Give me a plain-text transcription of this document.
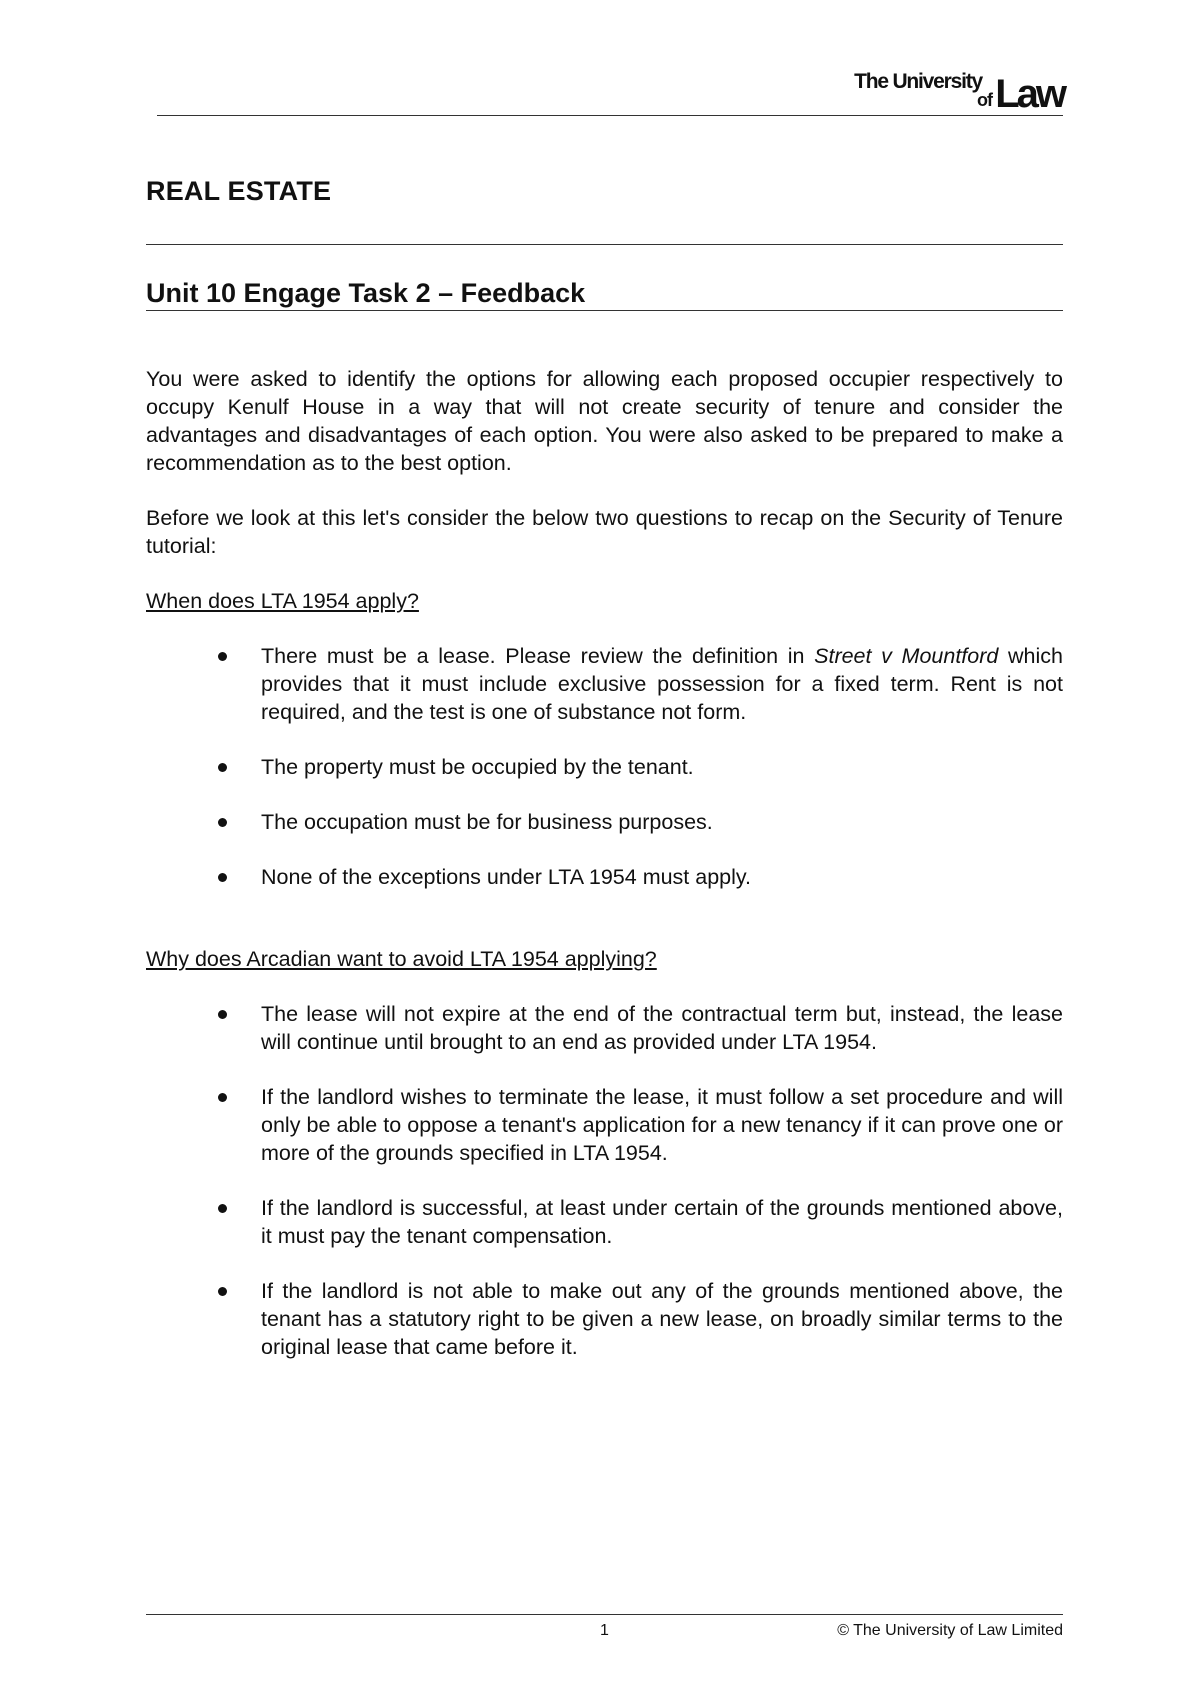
The University
of Law
REAL ESTATE
Unit 10 Engage Task 2 – Feedback

You were asked to identify the options for allowing each proposed occupier respectively to occupy Kenulf House in a way that will not create security of tenure and consider the advantages and disadvantages of each option. You were also asked to be prepared to make a recommendation as to the best option.

Before we look at this let's consider the below two questions to recap on the Security of Tenure tutorial:

When does LTA 1954 apply?
There must be a lease. Please review the definition in Street v Mountford which provides that it must include exclusive possession for a fixed term. Rent is not required, and the test is one of substance not form.
The property must be occupied by the tenant.
The occupation must be for business purposes.
None of the exceptions under LTA 1954 must apply.
Why does Arcadian want to avoid LTA 1954 applying?
The lease will not expire at the end of the contractual term but, instead, the lease will continue until brought to an end as provided under LTA 1954.
If the landlord wishes to terminate the lease, it must follow a set procedure and will only be able to oppose a tenant's application for a new tenancy if it can prove one or more of the grounds specified in LTA 1954.
If the landlord is successful, at least under certain of the grounds mentioned above, it must pay the tenant compensation.
If the landlord is not able to make out any of the grounds mentioned above, the tenant has a statutory right to be given a new lease, on broadly similar terms to the original lease that came before it.
1	© The University of Law Limited
